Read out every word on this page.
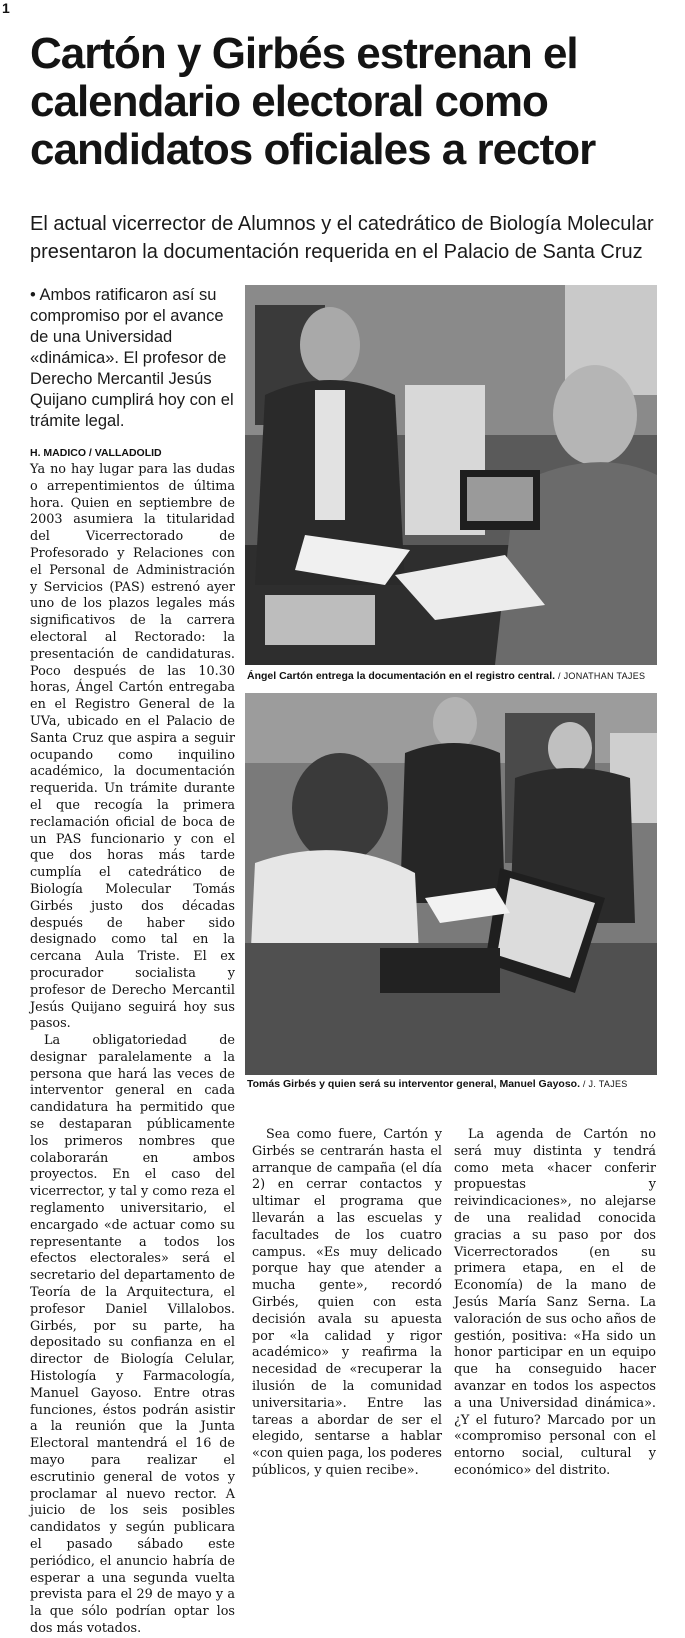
1
Cartón y Girbés estrenan el calendario electoral como candidatos oficiales a rector

El actual vicerrector de Alumnos y el catedrático de Biología Molecular presentaron la documentación requerida en el Palacio de Santa Cruz

• Ambos ratificaron así su compromiso por el avance de una Universidad «dinámica». El profesor de Derecho Mercantil Jesús Quijano cumplirá hoy con el trámite legal.
H. MADICO / VALLADOLID

Ya no hay lugar para las dudas o arrepentimientos de última hora. Quien en septiembre de 2003 asumiera la titularidad del Vicerrectorado de Profesorado y Relaciones con el Personal de Administración y Servicios (PAS) estrenó ayer uno de los plazos legales más significativos de la carrera electoral al Rectorado: la presentación de candidaturas. Poco después de las 10.30 horas, Ángel Cartón entregaba en el Registro General de la UVa, ubicado en el Palacio de Santa Cruz que aspira a seguir ocupando como inquilino académico, la documentación requerida. Un trámite durante el que recogía la primera reclamación oficial de boca de un PAS funcionario y con el que dos horas más tarde cumplía el catedrático de Biología Molecular Tomás Girbés justo dos décadas después de haber sido designado como tal en la cercana Aula Triste. El ex procurador socialista y profesor de Derecho Mercantil Jesús Quijano seguirá hoy sus pasos.

La obligatoriedad de designar paralelamente a la persona que hará las veces de interventor general en cada candidatura ha permitido que se destaparan públicamente los primeros nombres que colaborarán en ambos proyectos. En el caso del vicerrector, y tal y como reza el reglamento universitario, el encargado «de actuar como su representante a todos los efectos electorales» será el secretario del departamento de Teoría de la Arquitectura, el profesor Daniel Villalobos. Girbés, por su parte, ha depositado su confianza en el director de Biología Celular, Histología y Farmacología, Manuel Gayoso. Entre otras funciones, éstos podrán asistir a la reunión que la Junta Electoral mantendrá el 16 de mayo para realizar el escrutinio general de votos y proclamar al nuevo rector. A juicio de los seis posibles candidatos y según publicara el pasado sábado este periódico, el anuncio habría de esperar a una segunda vuelta prevista para el 29 de mayo y a la que sólo podrían optar los dos más votados.

Ángel Cartón entrega la documentación en el registro central. / JONATHAN TAJES
Tomás Girbés y quien será su interventor general, Manuel Gayoso. / J. TAJES

Sea como fuere, Cartón y Girbés se centrarán hasta el arranque de campaña (el día 2) en cerrar contactos y ultimar el programa que llevarán a las escuelas y facultades de los cuatro campus. «Es muy delicado porque hay que atender a mucha gente», recordó Girbés, quien con esta decisión avala su apuesta por «la calidad y rigor académico» y reafirma la necesidad de «recuperar la ilusión de la comunidad universitaria». Entre las tareas a abordar de ser el elegido, sentarse a hablar «con quien paga, los poderes públicos, y quien recibe».

La agenda de Cartón no será muy distinta y tendrá como meta «hacer conferir propuestas y reivindicaciones», no alejarse de una realidad conocida gracias a su paso por dos Vicerrectorados (en su primera etapa, en el de Economía) de la mano de Jesús María Sanz Serna. La valoración de sus ocho años de gestión, positiva: «Ha sido un honor participar en un equipo que ha conseguido hacer avanzar en todos los aspectos a una Universidad dinámica». ¿Y el futuro? Marcado por un «compromiso personal con el entorno social, cultural y económico» del distrito.
